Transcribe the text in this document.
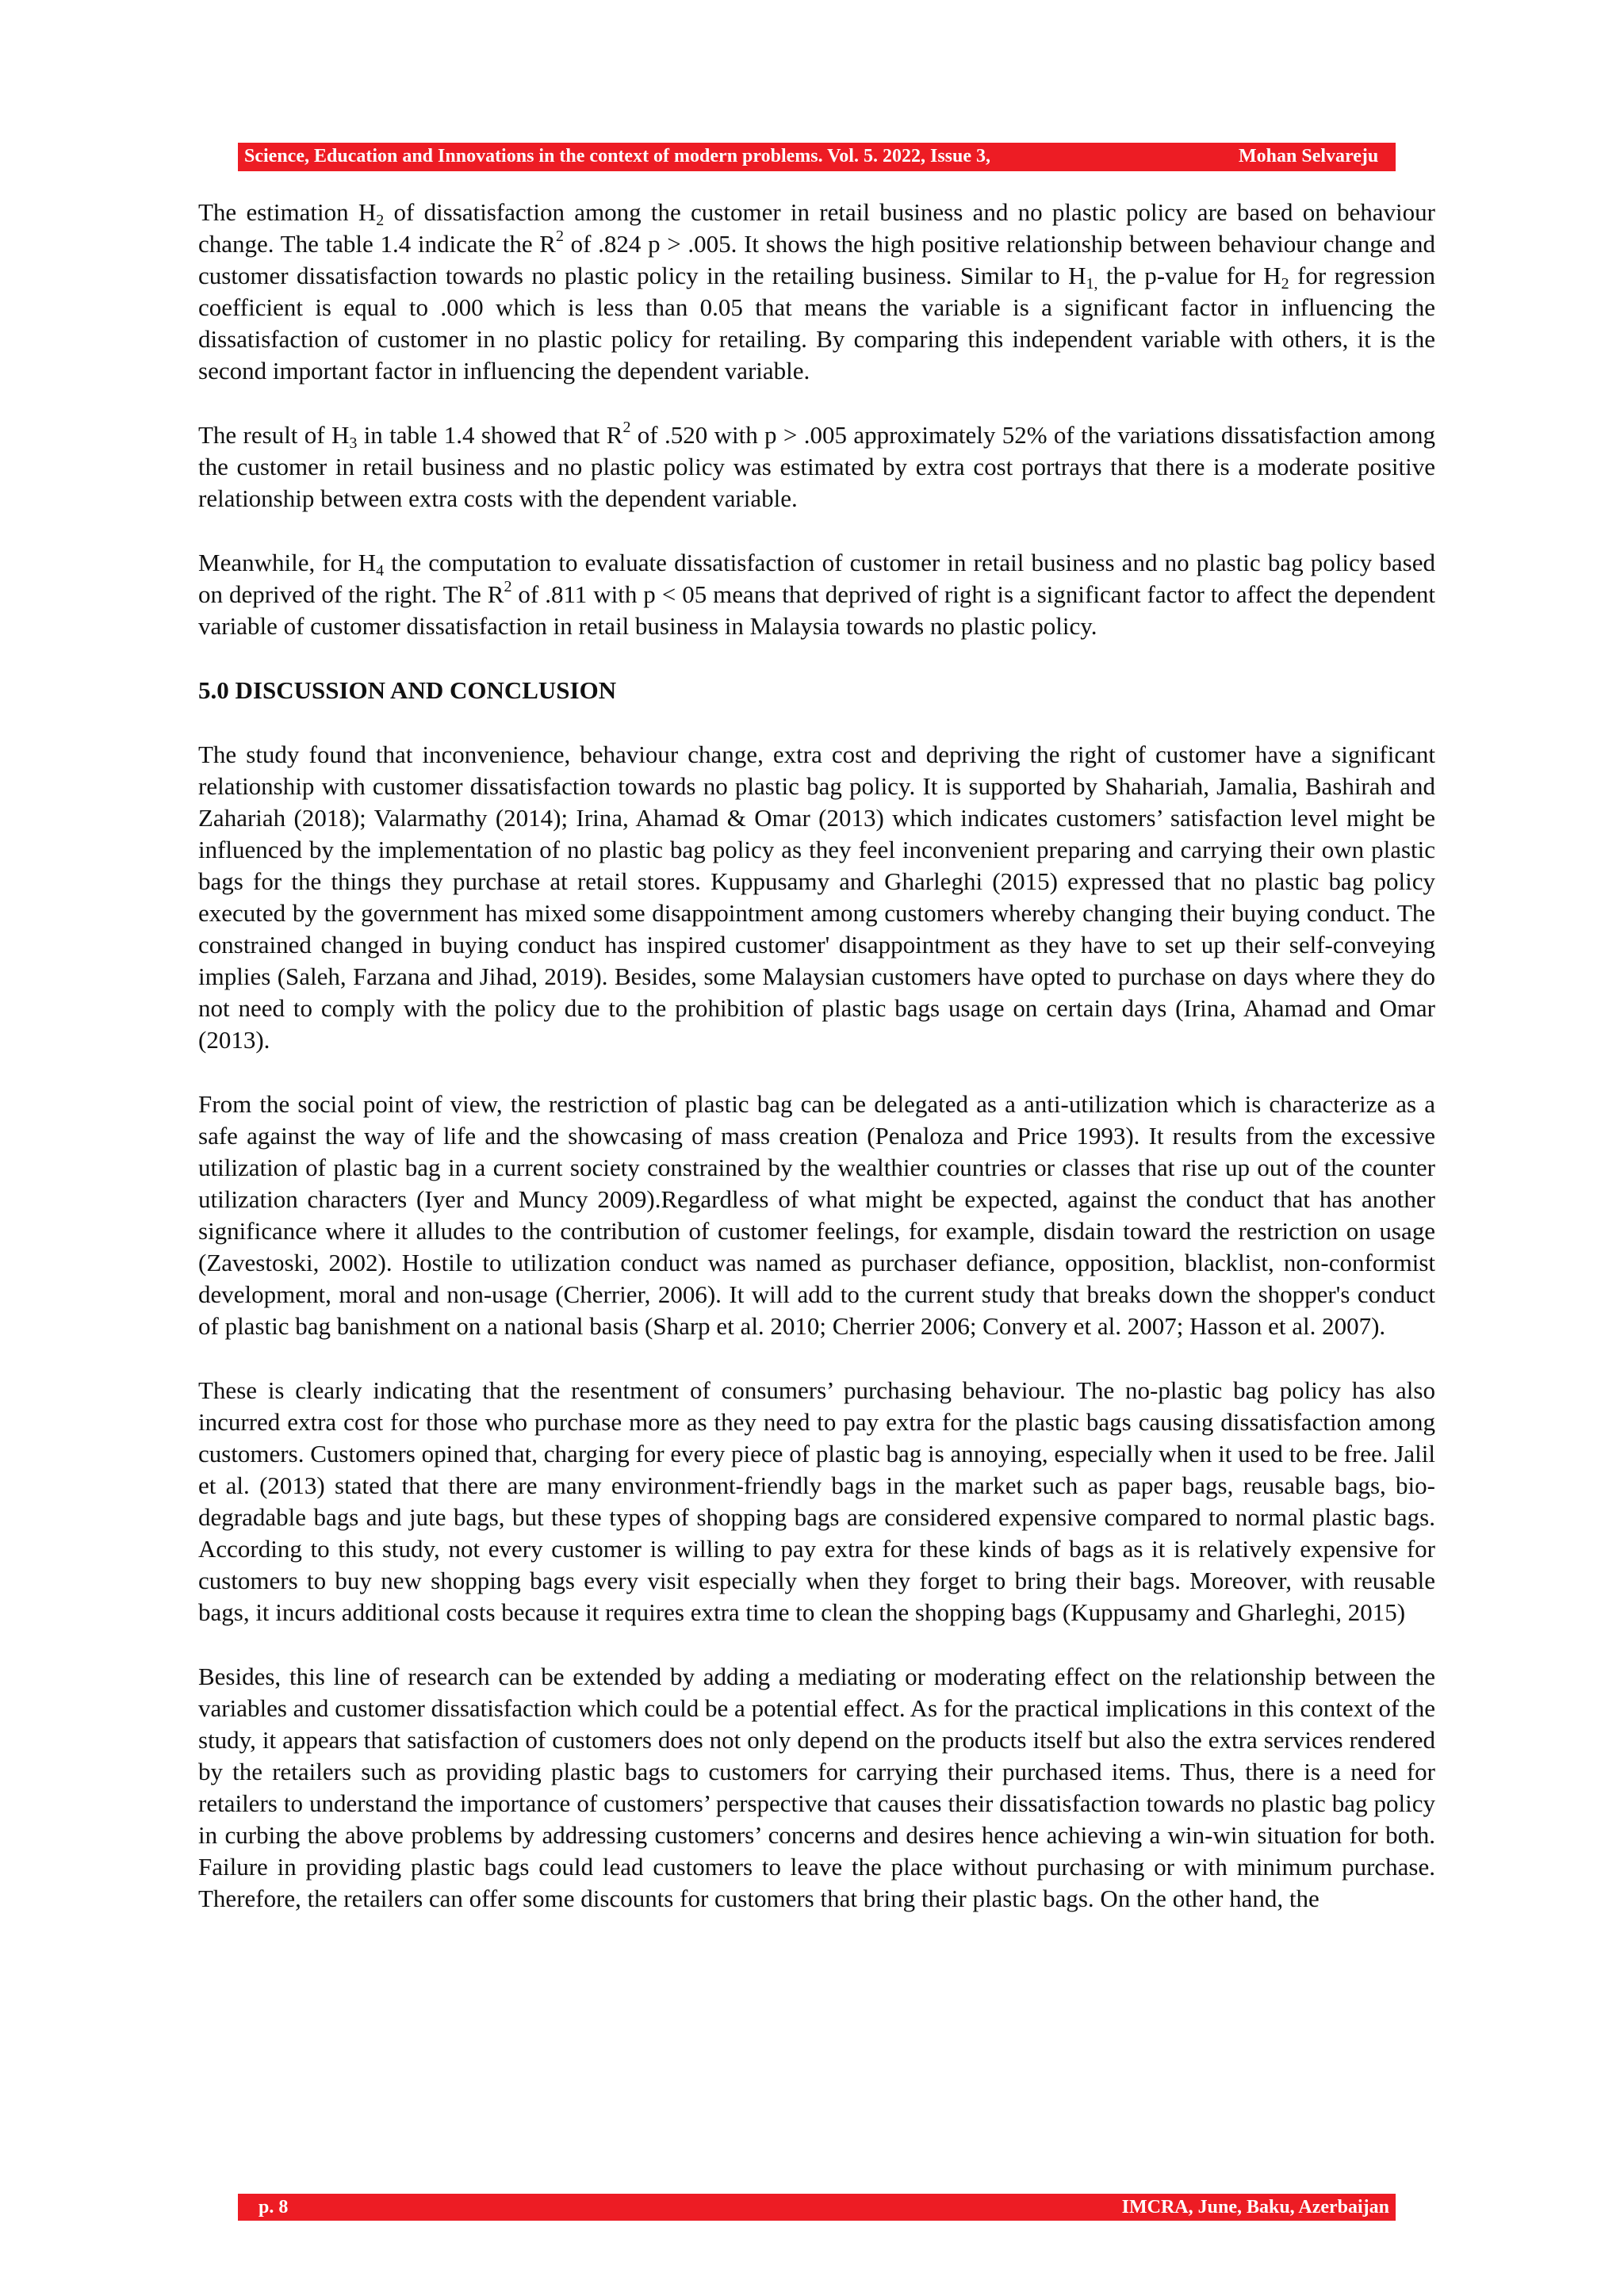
Science, Education and Innovations in the context of modern problems. Vol. 5. 2022, Issue 3,	Mohan Selvareju

The estimation $H_2$ of dissatisfaction among the customer in retail business and no plastic policy are based on behaviour change. The table 1.4 indicate the $R^2$ of .824 p > .005. It shows the high positive relationship between behaviour change and customer dissatisfaction towards no plastic policy in the retailing business. Similar to $H_{1,}$ the p-value for $H_2$ for regression coefficient is equal to .000 which is less than 0.05 that means the variable is a significant factor in influencing the dissatisfaction of customer in no plastic policy for retailing. By comparing this independent variable with others, it is the second important factor in influencing the dependent variable.

The result of $H_3$ in table 1.4 showed that $R^2$ of .520 with p > .005 approximately 52% of the variations dissatisfaction among the customer in retail business and no plastic policy was estimated by extra cost portrays that there is a moderate positive relationship between extra costs with the dependent variable.

Meanwhile, for $H_4$ the computation to evaluate dissatisfaction of customer in retail business and no plastic bag policy based on deprived of the right. The $R^2$ of .811 with p < 05 means that deprived of right is a significant factor to affect the dependent variable of customer dissatisfaction in retail business in Malaysia towards no plastic policy.

5.0 DISCUSSION AND CONCLUSION

The study found that inconvenience, behaviour change, extra cost and depriving the right of customer have a significant relationship with customer dissatisfaction towards no plastic bag policy. It is supported by Shahariah, Jamalia, Bashirah and Zahariah (2018); Valarmathy (2014); Irina, Ahamad & Omar (2013) which indicates customers’ satisfaction level might be influenced by the implementation of no plastic bag policy as they feel inconvenient preparing and carrying their own plastic bags for the things they purchase at retail stores. Kuppusamy and Gharleghi (2015) expressed that no plastic bag policy executed by the government has mixed some disappointment among customers whereby changing their buying conduct. The constrained changed in buying conduct has inspired customer' disappointment as they have to set up their self-conveying implies (Saleh, Farzana and Jihad, 2019). Besides, some Malaysian customers have opted to purchase on days where they do not need to comply with the policy due to the prohibition of plastic bags usage on certain days (Irina, Ahamad and Omar (2013).

From the social point of view, the restriction of plastic bag can be delegated as a anti-utilization which is characterize as a safe against the way of life and the showcasing of mass creation (Penaloza and Price 1993). It results from the excessive utilization of plastic bag in a current society constrained by the wealthier countries or classes that rise up out of the counter utilization characters (Iyer and Muncy 2009).Regardless of what might be expected, against the conduct that has another significance where it alludes to the contribution of customer feelings, for example, disdain toward the restriction on usage (Zavestoski, 2002). Hostile to utilization conduct was named as purchaser defiance, opposition, blacklist, non-conformist development, moral and non-usage (Cherrier, 2006). It will add to the current study that breaks down the shopper's conduct of plastic bag banishment on a national basis (Sharp et al. 2010; Cherrier 2006; Convery et al. 2007; Hasson et al. 2007).

These is clearly indicating that the resentment of consumers’ purchasing behaviour. The no-plastic bag policy has also incurred extra cost for those who purchase more as they need to pay extra for the plastic bags causing dissatisfaction among customers. Customers opined that, charging for every piece of plastic bag is annoying, especially when it used to be free. Jalil et al. (2013) stated that there are many environment-friendly bags in the market such as paper bags, reusable bags, bio-degradable bags and jute bags, but these types of shopping bags are considered expensive compared to normal plastic bags. According to this study, not every customer is willing to pay extra for these kinds of bags as it is relatively expensive for customers to buy new shopping bags every visit especially when they forget to bring their bags. Moreover, with reusable bags, it incurs additional costs because it requires extra time to clean the shopping bags (Kuppusamy and Gharleghi, 2015)

Besides, this line of research can be extended by adding a mediating or moderating effect on the relationship between the variables and customer dissatisfaction which could be a potential effect. As for the practical implications in this context of the study, it appears that satisfaction of customers does not only depend on the products itself but also the extra services rendered by the retailers such as providing plastic bags to customers for carrying their purchased items. Thus, there is a need for retailers to understand the importance of customers’ perspective that causes their dissatisfaction towards no plastic bag policy in curbing the above problems by addressing customers’ concerns and desires hence achieving a win-win situation for both. Failure in providing plastic bags could lead customers to leave the place without purchasing or with minimum purchase. Therefore, the retailers can offer some discounts for customers that bring their plastic bags. On the other hand, the

p. 8	IMCRA, June, Baku, Azerbaijan
